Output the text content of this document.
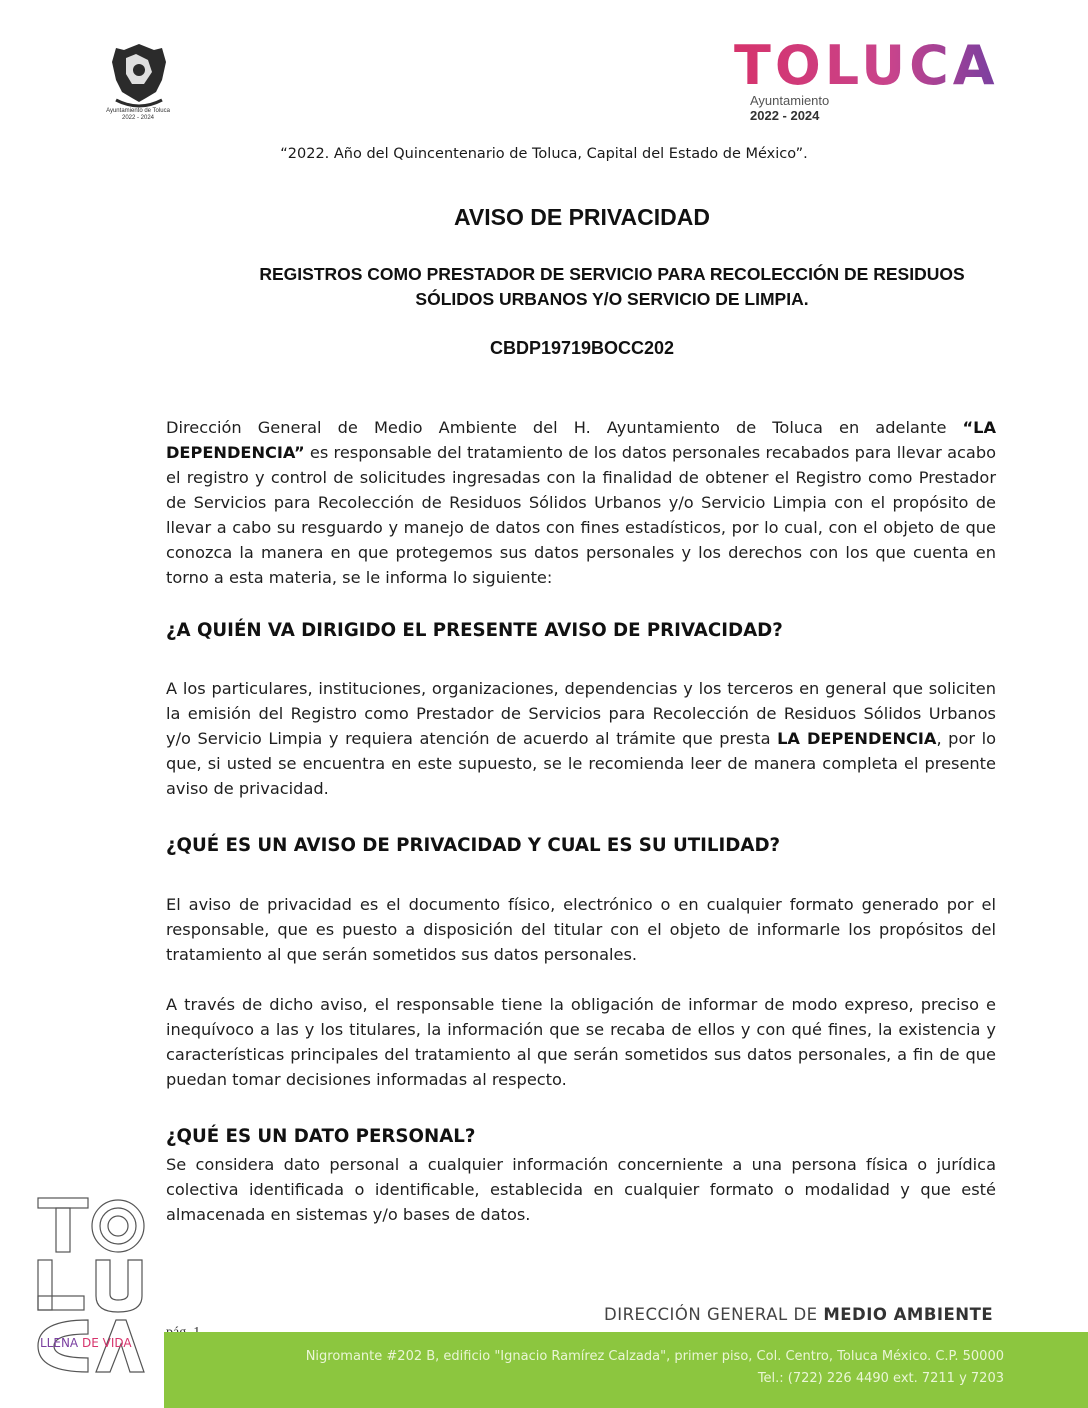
Ayuntamiento de Toluca
2022 - 2024
TOLUCA
Ayuntamiento
2022 - 2024
“2022. Año del Quincentenario de Toluca, Capital del Estado de México”.
AVISO DE PRIVACIDAD
REGISTROS COMO PRESTADOR DE SERVICIO PARA RECOLECCIÓN DE RESIDUOS SÓLIDOS URBANOS Y/O SERVICIO DE LIMPIA.
CBDP19719BOCC202
Dirección General de Medio Ambiente del H. Ayuntamiento de Toluca en adelante “LA DEPENDENCIA” es responsable del tratamiento de los datos personales recabados para llevar acabo el registro y control de solicitudes ingresadas con la finalidad de obtener el Registro como Prestador de Servicios para Recolección de Residuos Sólidos Urbanos y/o Servicio Limpia con el propósito de llevar a cabo su resguardo y manejo de datos con fines estadísticos, por lo cual, con el objeto de que conozca la manera en que protegemos sus datos personales y los derechos con los que cuenta en torno a esta materia, se le informa lo siguiente:
¿A QUIÉN VA DIRIGIDO EL PRESENTE AVISO DE PRIVACIDAD?
A los particulares, instituciones, organizaciones, dependencias y los terceros en general que soliciten la emisión del Registro como Prestador de Servicios para Recolección de Residuos Sólidos Urbanos y/o Servicio Limpia y requiera atención de acuerdo al trámite que presta LA DEPENDENCIA, por lo que, si usted se encuentra en este supuesto, se le recomienda leer de manera completa el presente aviso de privacidad.
¿QUÉ ES UN AVISO DE PRIVACIDAD Y CUAL ES SU UTILIDAD?
El aviso de privacidad es el documento físico, electrónico o en cualquier formato generado por el responsable, que es puesto a disposición del titular con el objeto de informarle los propósitos del tratamiento al que serán sometidos sus datos personales.
A través de dicho aviso, el responsable tiene la obligación de informar de modo expreso, preciso e inequívoco a las y los titulares, la información que se recaba de ellos y con qué fines, la existencia y características principales del tratamiento al que serán sometidos sus datos personales, a fin de que puedan tomar decisiones informadas al respecto.
¿QUÉ ES UN DATO PERSONAL?
Se considera dato personal a cualquier información concerniente a una persona física o jurídica colectiva identificada o identificable, establecida en cualquier formato o modalidad y que esté almacenada en sistemas y/o bases de datos.
LLENA DE VIDA
DIRECCIÓN GENERAL DE MEDIO AMBIENTE
Nigromante #202 B, edificio "Ignacio Ramírez Calzada", primer piso, Col. Centro, Toluca México. C.P. 50000
Tel.: (722) 226 4490 ext. 7211 y 7203
